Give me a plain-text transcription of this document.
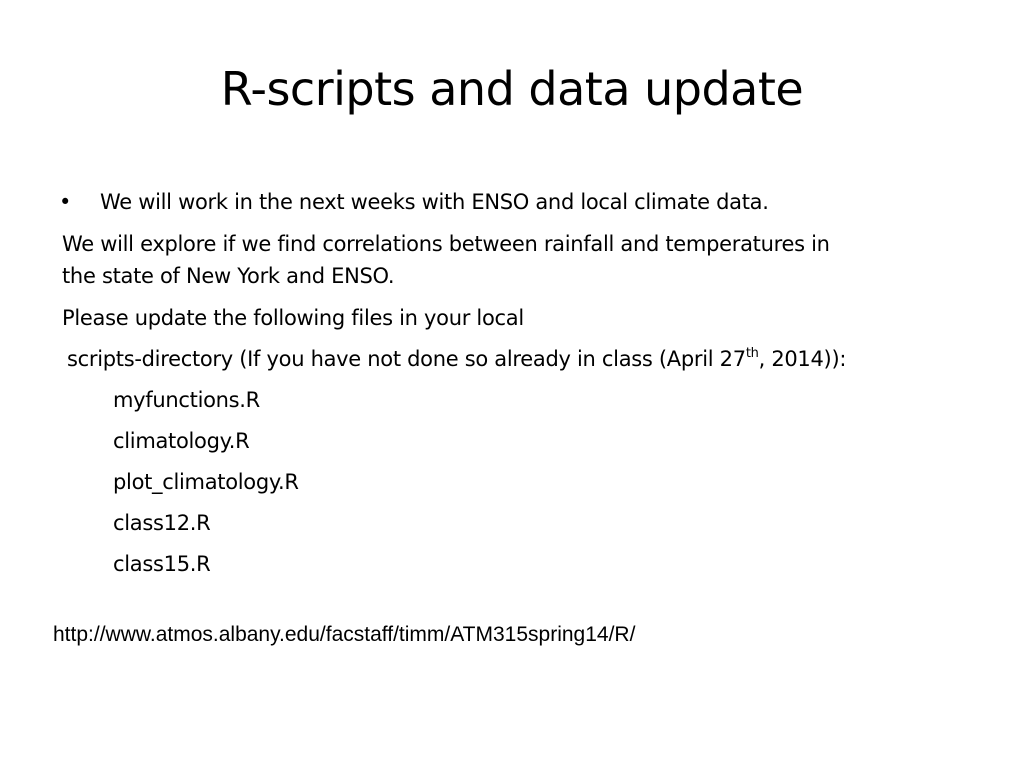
R-scripts and data update
• We will work in the next weeks with ENSO and local climate data.
We will explore if we find correlations between rainfall and temperatures in
the state of New York and ENSO.
Please update the following files in your local
scripts-directory (If you have not done so already in class (April 27th, 2014)):
myfunctions.R
climatology.R
plot_climatology.R
class12.R
class15.R
http://www.atmos.albany.edu/facstaff/timm/ATM315spring14/R/
